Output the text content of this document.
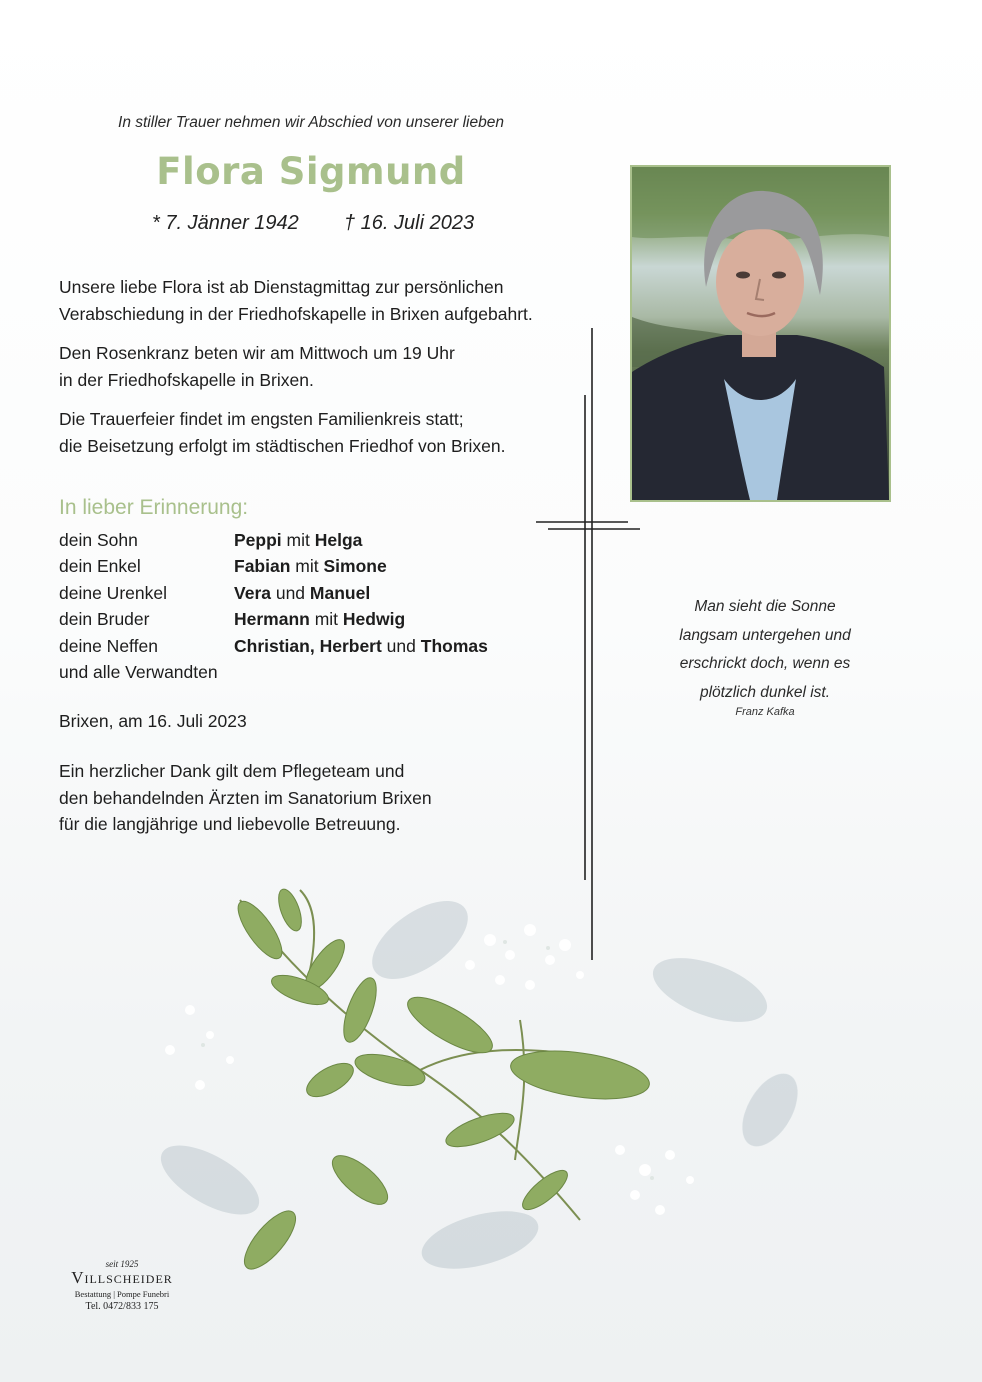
In stiller Trauer nehmen wir Abschied von unserer lieben
Flora Sigmund
* 7. Jänner 1942 † 16. Juli 2023
Unsere liebe Flora ist ab Dienstagmittag zur persönlichen
Verabschiedung in der Friedhofskapelle in Brixen aufgebahrt.
Den Rosenkranz beten wir am Mittwoch um 19 Uhr
in der Friedhofskapelle in Brixen.
Die Trauerfeier findet im engsten Familienkreis statt;
die Beisetzung erfolgt im städtischen Friedhof von Brixen.
In lieber Erinnerung:
dein Sohn	Peppi mit Helga
dein Enkel	Fabian mit Simone
deine Urenkel	Vera und Manuel
dein Bruder	Hermann mit Hedwig
deine Neffen	Christian, Herbert und Thomas
und alle Verwandten
Brixen, am 16. Juli 2023
Ein herzlicher Dank gilt dem Pflegeteam und
den behandelnden Ärzten im Sanatorium Brixen
für die langjährige und liebevolle Betreuung.
Man sieht die Sonne
langsam untergehen und
erschrickt doch, wenn es
plötzlich dunkel ist.
Franz Kafka
seit 1925
Villscheider
Bestattung | Pompe Funebri
Tel. 0472/833 175
